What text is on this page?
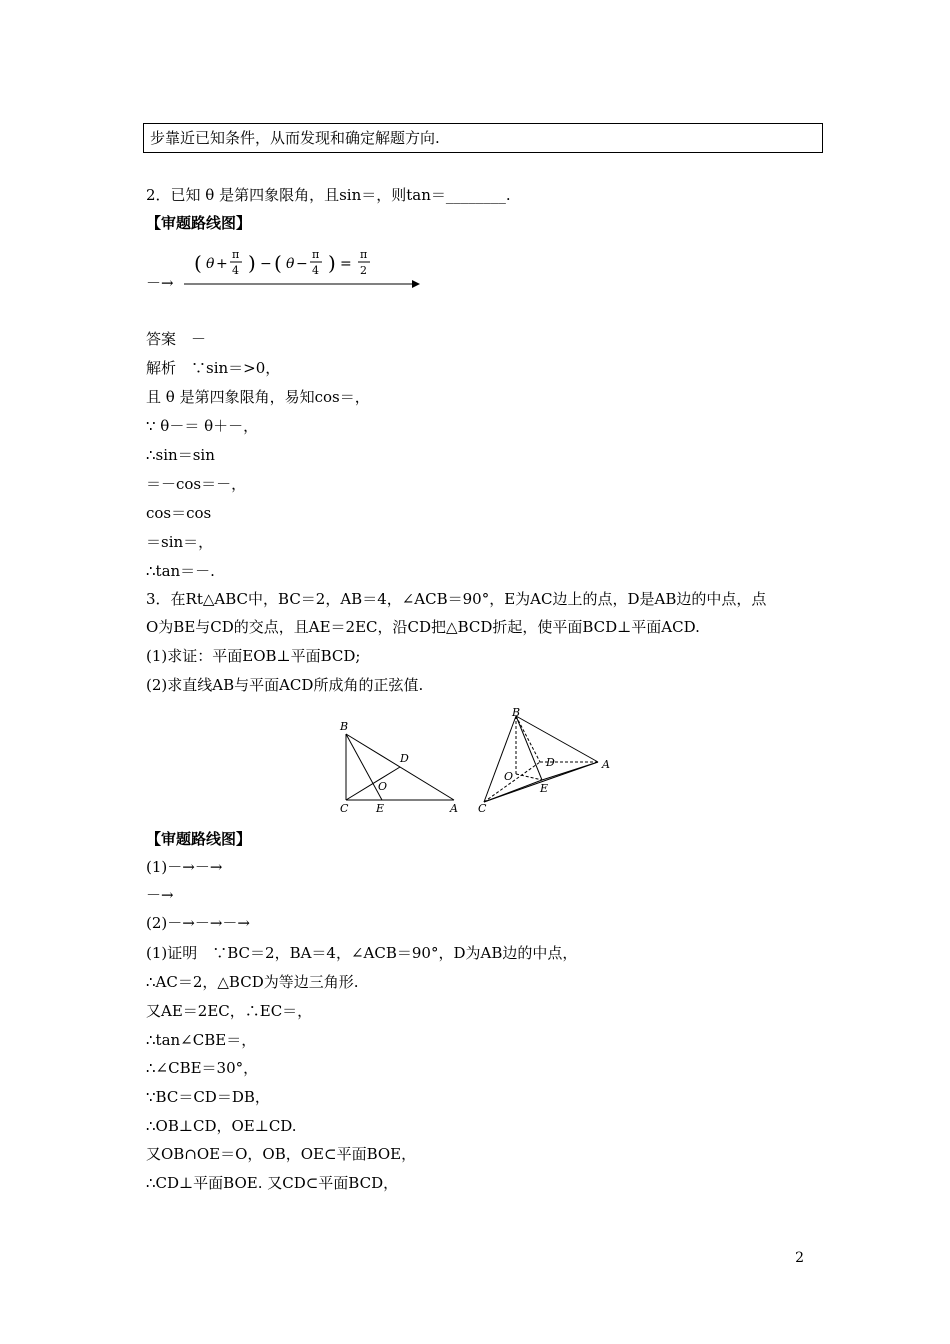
步靠近已知条件，从而发现和确定解题方向.
2．已知 θ 是第四象限角，且sin＝，则tan＝________.
【审题路线图】
－→
( θ +
π
4 ) − ( θ −
π
4 ) =
π
2
答案　－
解析　∵sin＝>0，
且 θ 是第四象限角，易知cos＝，
∵ θ－＝ θ＋－，
∴sin＝sin
＝－cos＝－，
cos＝cos
＝sin＝，
∴tan＝－.
3．在Rt△ABC中，BC＝2，AB＝4，∠ACB＝90°，E为AC边上的点，D是AB边的中点，点
O为BE与CD的交点，且AE＝2EC，沿CD把△BCD折起，使平面BCD⊥平面ACD.
(1)求证：平面EOB⊥平面BCD;
(2)求直线AB与平面ACD所成角的正弦值.
B
D
O
C	E	A
B
D	A
O
E
C
【审题路线图】
(1)－→－→
－→
(2)－→－→－→
(1)证明　∵BC＝2，BA＝4，∠ACB＝90°，D为AB边的中点，
∴AC＝2，△BCD为等边三角形.
又AE＝2EC，∴EC＝，
∴tan∠CBE＝，
∴∠CBE＝30°，
∵BC＝CD＝DB，
∴OB⊥CD，OE⊥CD.
又OB∩OE＝O，OB，OE⊂平面BOE，
∴CD⊥平面BOE. 又CD⊂平面BCD，
2
